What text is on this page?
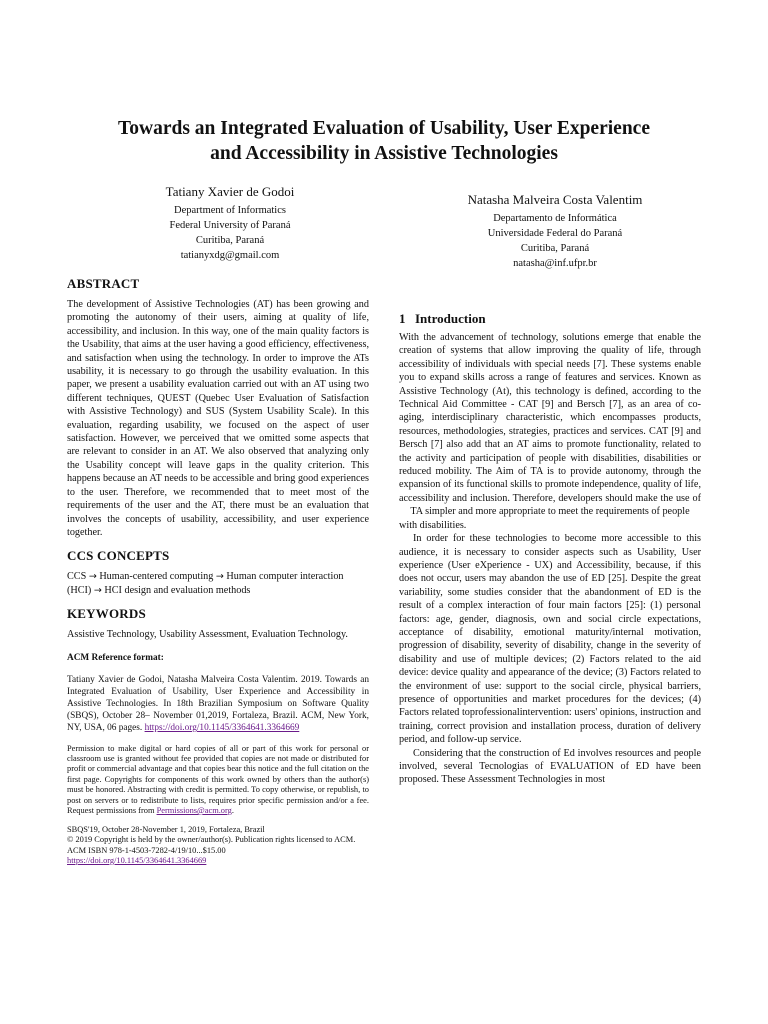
Towards an Integrated Evaluation of Usability, User Experience
and Accessibility in Assistive Technologies
Tatiany Xavier de Godoi
Department of Informatics
Federal University of Paraná
Curitiba, Paraná
tatianyxdg@gmail.com
Natasha Malveira Costa Valentim
Departamento de Informática
Universidade Federal do Paraná
Curitiba, Paraná
natasha@inf.ufpr.br
ABSTRACT

The development of Assistive Technologies (AT) has been growing and promoting the autonomy of their users, aiming at quality of life, accessibility, and inclusion. In this way, one of the main quality factors is the Usability, that aims at the user having a good efficiency, effectiveness, and satisfaction when using the technology. In order to improve the ATs usability, it is necessary to go through the usability evaluation. In this paper, we present a usability evaluation carried out with an AT using two different techniques, QUEST (Quebec User Evaluation of Satisfaction with Assistive Technology) and SUS (System Usability Scale). In this evaluation, regarding usability, we focused on the aspect of user satisfaction. However, we perceived that we omitted some aspects that are relevant to consider in an AT. We also observed that analyzing only the Usability concept will leave gaps in the quality criterion. This happens because an AT needs to be accessible and bring good experiences to the user. Therefore, we recommended that to meet most of the requirements of the user and the AT, there must be an evaluation that involves the concepts of usability, accessibility, and user experience together.

CCS CONCEPTS

CCS → Human-centered computing → Human computer interaction (HCI) → HCI design and evaluation methods

KEYWORDS

Assistive Technology, Usability Assessment, Evaluation Technology.

ACM Reference format:

Tatiany Xavier de Godoi, Natasha Malveira Costa Valentim. 2019. Towards an Integrated Evaluation of Usability, User Experience and Accessibility in Assistive Technologies. In 18th Brazilian Symposium on Software Quality (SBQS), October 28– November 01,2019, Fortaleza, Brazil. ACM, New York, NY, USA, 06 pages. https://doi.org/10.1145/3364641.3364669

Permission to make digital or hard copies of all or part of this work for personal or classroom use is granted without fee provided that copies are not made or distributed for profit or commercial advantage and that copies bear this notice and the full citation on the first page. Copyrights for components of this work owned by others than the author(s) must be honored. Abstracting with credit is permitted. To copy otherwise, or republish, to post on servers or to redistribute to lists, requires prior specific permission and/or a fee. Request permissions from Permissions@acm.org.

SBQS'19, October 28-November 1, 2019, Fortaleza, Brazil
© 2019 Copyright is held by the owner/author(s). Publication rights licensed to ACM.
ACM ISBN 978-1-4503-7282-4/19/10...$15.00
https://doi.org/10.1145/3364641.3364669
1 Introduction

With the advancement of technology, solutions emerge that enable the creation of systems that allow improving the quality of life, through accessibility of individuals with special needs [7]. These systems enable you to expand skills across a range of features and services. Known as Assistive Technology (At), this technology is defined, according to the Technical Aid Committee - CAT [9] and Bersch [7], as an area of co-aging, interdisciplinary characteristic, which encompasses products, resources, methodologies, strategies, practices and services. CAT [9] and Bersch [7] also add that an AT aims to promote functionality, related to the activity and participation of people with disabilities, disabilities or reduced mobility. The Aim of TA is to provide autonomy, through the expansion of its functional skills to promote independence, quality of life, accessibility and inclusion. Therefore, developers should make the use of TA simpler and more appropriate to meet the requirements of people

with disabilities.

In order for these technologies to become more accessible to this audience, it is necessary to consider aspects such as Usability, User experience (User eXperience - UX) and Accessibility, because, if this does not occur, users may abandon the use of ED [25]. Despite the great variability, some studies consider that the abandonment of ED is the result of a complex interaction of four main factors [25]: (1) personal factors: age, gender, diagnosis, own and social circle expectations, acceptance of disability, emotional maturity/internal motivation, progression of disability, severity of disability, change in the severity of disability and use of multiple devices; (2) Factors related to the aid device: device quality and appearance of the device; (3) Factors related to the environment of use: support to the social circle, physical barriers, presence of opportunities and market procedures for the devices; (4) Factors related toprofessionalintervention: users' opinions, instruction and training, correct provision and installation process, duration of delivery period, and follow-up service.

Considering that the construction of Ed involves resources and people involved, several Tecnologias of EVALUATION of ED have been proposed. These Assessment Technologies in most
